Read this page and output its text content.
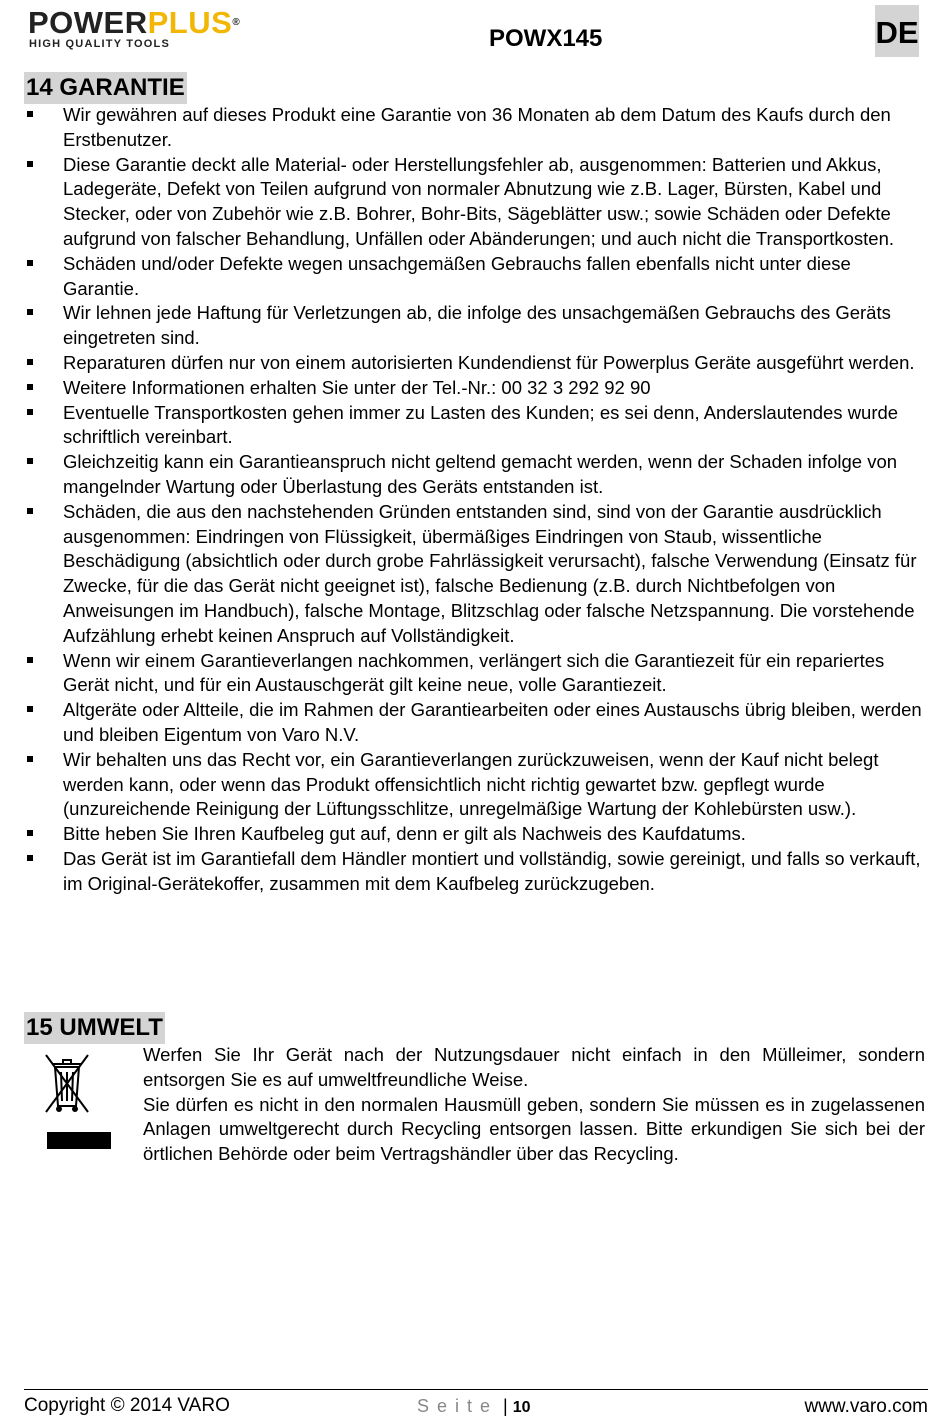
POWERPLUS®
HIGH QUALITY TOOLS	POWX145	DE
14 GARANTIE
Wir gewähren auf dieses Produkt eine Garantie von 36 Monaten ab dem Datum des Kaufs durch den Erstbenutzer.
Diese Garantie deckt alle Material- oder Herstellungsfehler ab, ausgenommen: Batterien und Akkus, Ladegeräte, Defekt von Teilen aufgrund von normaler Abnutzung wie z.B. Lager, Bürsten, Kabel und Stecker, oder von Zubehör wie z.B. Bohrer, Bohr-Bits, Sägeblätter usw.; sowie Schäden oder Defekte aufgrund von falscher Behandlung, Unfällen oder Abänderungen; und auch nicht die Transportkosten.
Schäden und/oder Defekte wegen unsachgemäßen Gebrauchs fallen ebenfalls nicht unter diese Garantie.
Wir lehnen jede Haftung für Verletzungen ab, die infolge des unsachgemäßen Gebrauchs des Geräts eingetreten sind.
Reparaturen dürfen nur von einem autorisierten Kundendienst für Powerplus Geräte ausgeführt werden.
Weitere Informationen erhalten Sie unter der Tel.-Nr.: 00 32 3 292 92 90
Eventuelle Transportkosten gehen immer zu Lasten des Kunden; es sei denn, Anderslautendes wurde schriftlich vereinbart.
Gleichzeitig kann ein Garantieanspruch nicht geltend gemacht werden, wenn der Schaden infolge von mangelnder Wartung oder Überlastung des Geräts entstanden ist.
Schäden, die aus den nachstehenden Gründen entstanden sind, sind von der Garantie ausdrücklich ausgenommen: Eindringen von Flüssigkeit, übermäßiges Eindringen von Staub, wissentliche Beschädigung (absichtlich oder durch grobe Fahrlässigkeit verursacht), falsche Verwendung (Einsatz für Zwecke, für die das Gerät nicht geeignet ist), falsche Bedienung (z.B. durch Nichtbefolgen von Anweisungen im Handbuch), falsche Montage, Blitzschlag oder falsche Netzspannung. Die vorstehende Aufzählung erhebt keinen Anspruch auf Vollständigkeit.
Wenn wir einem Garantieverlangen nachkommen, verlängert sich die Garantiezeit für ein repariertes Gerät nicht, und für ein Austauschgerät gilt keine neue, volle Garantiezeit.
Altgeräte oder Altteile, die im Rahmen der Garantiearbeiten oder eines Austauschs übrig bleiben, werden und bleiben Eigentum von Varo N.V.
Wir behalten uns das Recht vor, ein Garantieverlangen zurückzuweisen, wenn der Kauf nicht belegt werden kann, oder wenn das Produkt offensichtlich nicht richtig gewartet bzw. gepflegt wurde (unzureichende Reinigung der Lüftungsschlitze, unregelmäßige Wartung der Kohlebürsten usw.).
Bitte heben Sie Ihren Kaufbeleg gut auf, denn er gilt als Nachweis des Kaufdatums.
Das Gerät ist im Garantiefall dem Händler montiert und vollständig, sowie gereinigt, und falls so verkauft, im Original-Gerätekoffer, zusammen mit dem Kaufbeleg zurückzugeben.
15 UMWELT

Werfen Sie Ihr Gerät nach der Nutzungsdauer nicht einfach in den Mülleimer, sondern entsorgen Sie es auf umweltfreundliche Weise.

Sie dürfen es nicht in den normalen Hausmüll geben, sondern Sie müssen es in zugelassenen Anlagen umweltgerecht durch Recycling entsorgen lassen. Bitte erkundigen Sie sich bei der örtlichen Behörde oder beim Vertragshändler über das Recycling.

Copyright © 2014 VARO	Seite | 10	www.varo.com
